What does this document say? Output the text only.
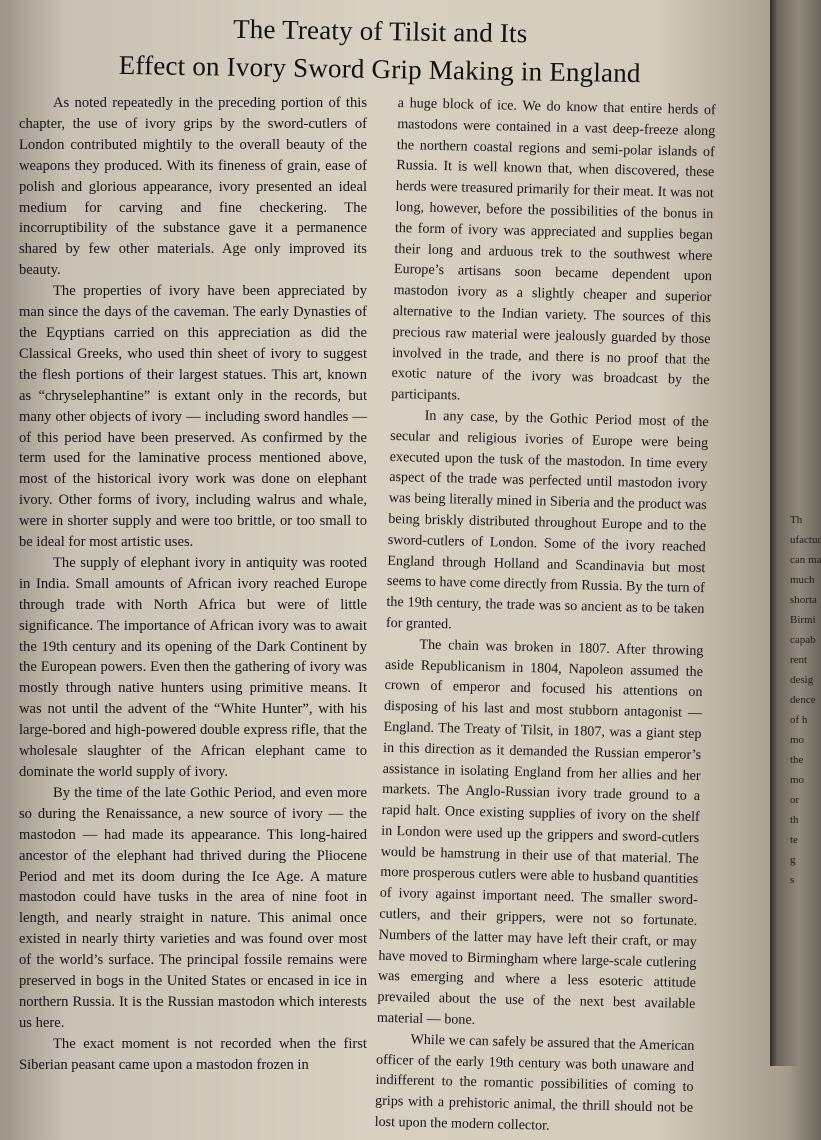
The Treaty of Tilsit and Its
Effect on Ivory Sword Grip Making in England

As noted repeatedly in the preceding portion of this chapter, the use of ivory grips by the sword-cutlers of London contributed mightily to the overall beauty of the weapons they produced. With its fineness of grain, ease of polish and glorious appearance, ivory presented an ideal medium for carving and fine checkering. The incorruptibility of the substance gave it a permanence shared by few other materials. Age only improved its beauty.

The properties of ivory have been appreciated by man since the days of the caveman. The early Dynasties of the Eqyptians carried on this appreciation as did the Classical Greeks, who used thin sheet of ivory to suggest the flesh portions of their largest statues. This art, known as “chryselephantine” is extant only in the records, but many other objects of ivory — including sword handles — of this period have been preserved. As confirmed by the term used for the laminative process mentioned above, most of the historical ivory work was done on elephant ivory. Other forms of ivory, including walrus and whale, were in shorter supply and were too brittle, or too small to be ideal for most artistic uses.

The supply of elephant ivory in antiquity was rooted in India. Small amounts of African ivory reached Europe through trade with North Africa but were of little significance. The importance of African ivory was to await the 19th century and its opening of the Dark Continent by the European powers. Even then the gathering of ivory was mostly through native hunters using primitive means. It was not until the advent of the “White Hunter”, with his large-bored and high-powered double express rifle, that the wholesale slaughter of the African elephant came to dominate the world supply of ivory.

By the time of the late Gothic Period, and even more so during the Renaissance, a new source of ivory — the mastodon — had made its appearance. This long-haired ancestor of the elephant had thrived during the Pliocene Period and met its doom during the Ice Age. A mature mastodon could have tusks in the area of nine foot in length, and nearly straight in nature. This animal once existed in nearly thirty varieties and was found over most of the world’s surface. The principal fossile remains were preserved in bogs in the United States or encased in ice in northern Russia. It is the Russian mastodon which interests us here.

The exact moment is not recorded when the first Siberian peasant came upon a mastodon frozen in

a huge block of ice. We do know that entire herds of mastodons were contained in a vast deep-freeze along the northern coastal regions and semi-polar islands of Russia. It is well known that, when discovered, these herds were treasured primarily for their meat. It was not long, however, before the possibilities of the bonus in the form of ivory was appreciated and supplies began their long and arduous trek to the southwest where Europe’s artisans soon became dependent upon mastodon ivory as a slightly cheaper and superior alternative to the Indian variety. The sources of this precious raw material were jealously guarded by those involved in the trade, and there is no proof that the exotic nature of the ivory was broadcast by the participants.

In any case, by the Gothic Period most of the secular and religious ivories of Europe were being executed upon the tusk of the mastodon. In time every aspect of the trade was perfected until mastodon ivory was being literally mined in Siberia and the product was being briskly distributed throughout Europe and to the sword-cutlers of London. Some of the ivory reached England through Holland and Scandinavia but most seems to have come directly from Russia. By the turn of the 19th century, the trade was so ancient as to be taken for granted.

The chain was broken in 1807. After throwing aside Republicanism in 1804, Napoleon assumed the crown of emperor and focused his attentions on disposing of his last and most stubborn antagonist — England. The Treaty of Tilsit, in 1807, was a giant step in this direction as it demanded the Russian emperor’s assistance in isolating England from her allies and her markets. The Anglo-Russian ivory trade ground to a rapid halt. Once existing supplies of ivory on the shelf in London were used up the grippers and sword-cutlers would be hamstrung in their use of that material. The more prosperous cutlers were able to husband quantities of ivory against important need. The smaller sword-cutlers, and their grippers, were not so fortunate. Numbers of the latter may have left their craft, or may have moved to Birmingham where large-scale cutlering was emerging and where a less esoteric attitude prevailed about the use of the next best available material — bone.

While we can safely be assured that the American officer of the early 19th century was both unaware and indifferent to the romantic possibilities of coming to grips with a prehistoric animal, the thrill should not be lost upon the modern collector.

Th
ufactur
can ma
much
shorta
Birmi
capab
rent
desig
dence
of h
mo
the
mo
or
th
te
g
s
